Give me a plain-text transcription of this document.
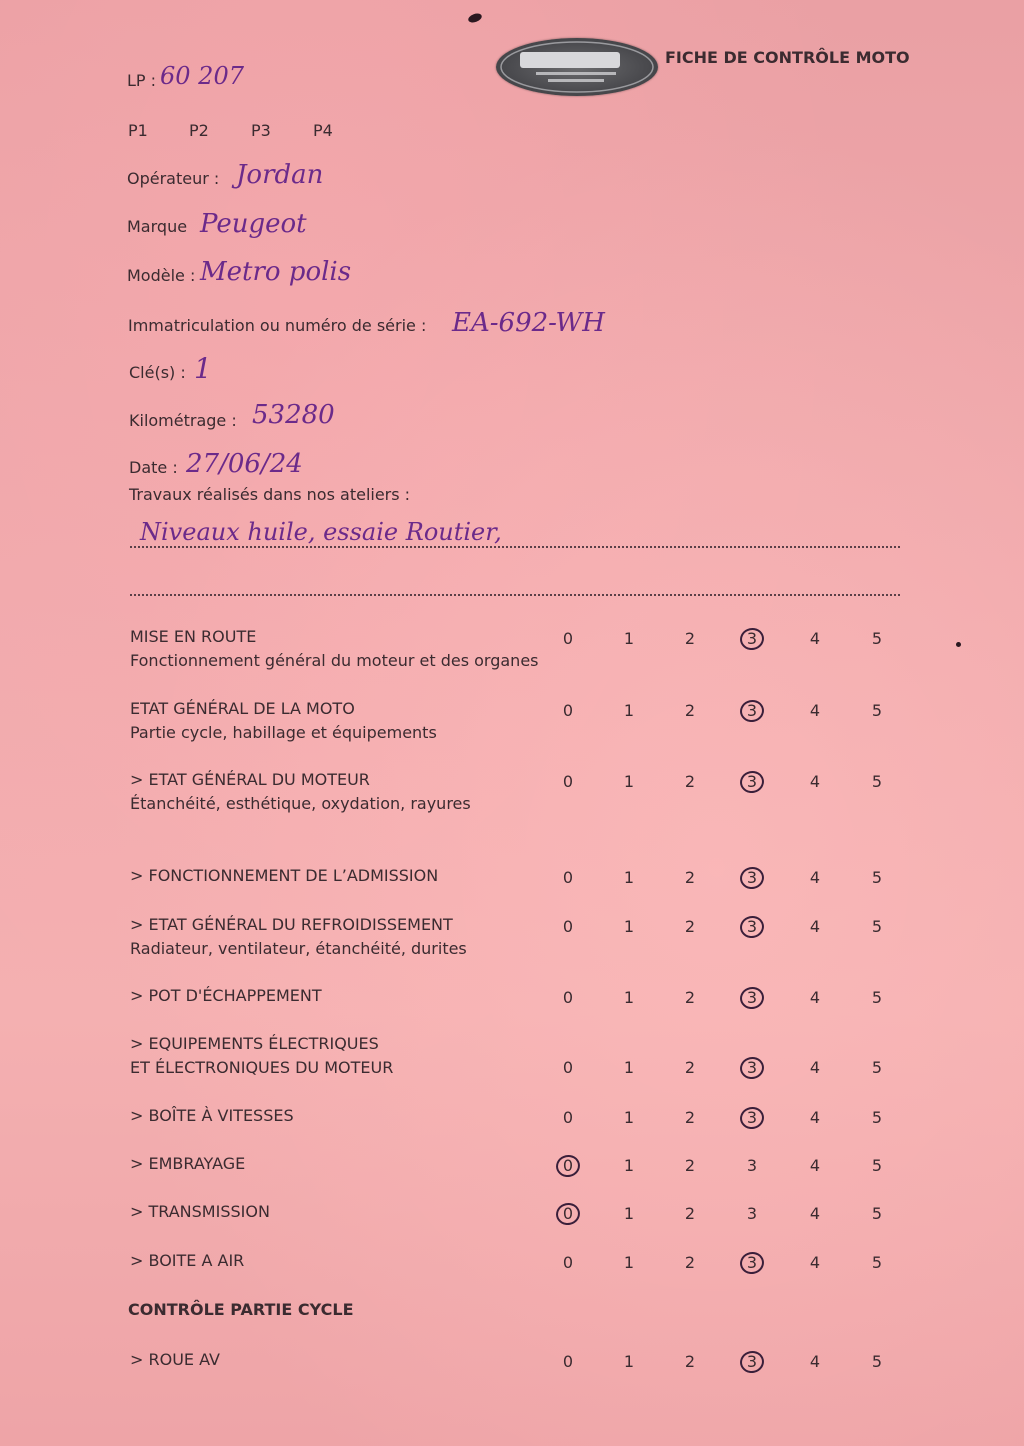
FICHE DE CONTRÔLE MOTO
LP : 60 207
P1	P2	P3	P4
Opérateur : Jordan
Marque Peugeot
Modèle : Metro polis
Immatriculation ou numéro de série : EA-692-WH
Clé(s) : 1
Kilométrage : 53280
Date : 27/06/24
Travaux réalisés dans nos ateliers :
Niveaux huile, essaie Routier,
MISE EN ROUTE
Fonctionnement général du moteur et des organes
0	1	2	3	4	5
ETAT GÉNÉRAL DE LA MOTO
Partie cycle, habillage et équipements
0	1	2	3	4	5
> ETAT GÉNÉRAL DU MOTEUR
Étanchéité, esthétique, oxydation, rayures
0	1	2	3	4	5
> FONCTIONNEMENT DE L’ADMISSION	0	1	2	3	4	5
> ETAT GÉNÉRAL DU REFROIDISSEMENT
Radiateur, ventilateur, étanchéité, durites
0	1	2	3	4	5
> POT D'ÉCHAPPEMENT	0	1	2	3	4	5
> EQUIPEMENTS ÉLECTRIQUES
ET ÉLECTRONIQUES DU MOTEUR	0	1	2	3	4	5
> BOÎTE À VITESSES	0	1	2	3	4	5
> EMBRAYAGE	0	1	2	3	4	5
> TRANSMISSION	0	1	2	3	4	5
> BOITE A AIR	0	1	2	3	4	5
CONTRÔLE PARTIE CYCLE
> ROUE AV	0	1	2	3	4	5
